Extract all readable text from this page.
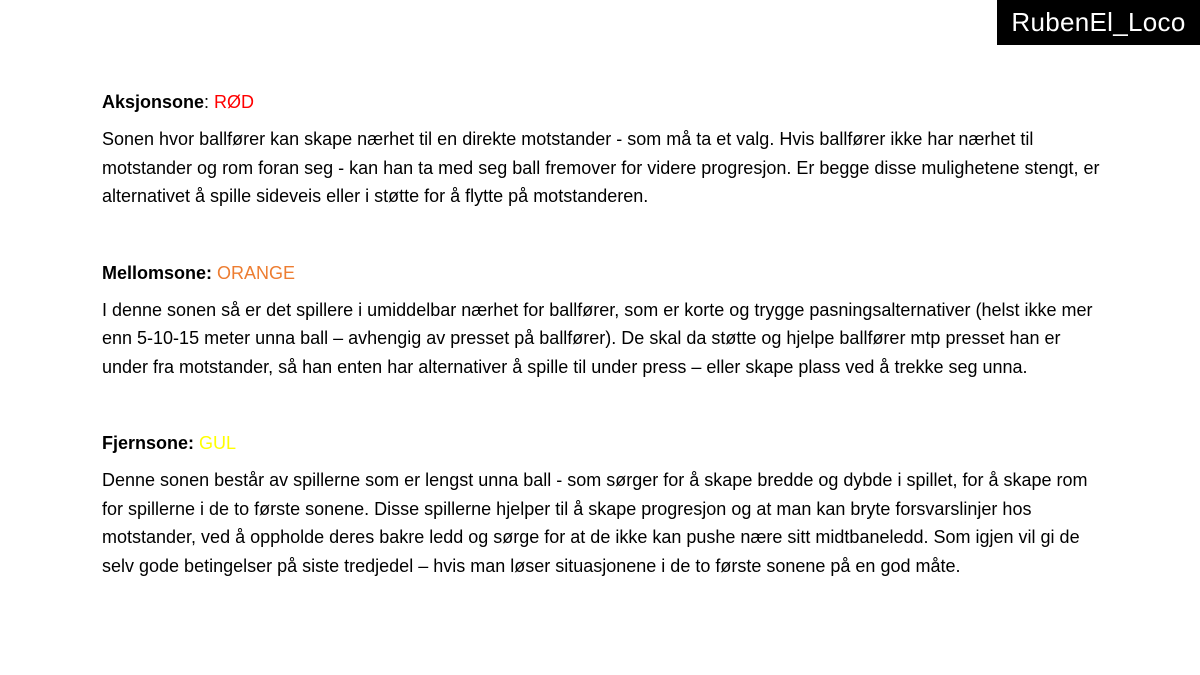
RubenEl_Loco

Aksjonsone: RØD

Sonen hvor ballfører kan skape nærhet til en direkte motstander - som må ta et valg. Hvis ballfører ikke har nærhet til motstander og rom foran seg - kan han ta med seg ball fremover for videre progresjon. Er begge disse mulighetene stengt, er alternativet å spille sideveis eller i støtte for å flytte på motstanderen.

Mellomsone: ORANGE

I denne sonen så er det spillere i umiddelbar nærhet for ballfører, som er korte og trygge pasningsalternativer (helst ikke mer enn 5-10-15 meter unna ball – avhengig av presset på ballfører). De skal da støtte og hjelpe ballfører mtp presset han er under fra motstander, så han enten har alternativer å spille til under press – eller skape plass ved å trekke seg unna.

Fjernsone: GUL

Denne sonen består av spillerne som er lengst unna ball - som sørger for å skape bredde og dybde i spillet, for å skape rom for spillerne i de to første sonene. Disse spillerne hjelper til å skape progresjon og at man kan bryte forsvarslinjer hos motstander, ved å oppholde deres bakre ledd og sørge for at de ikke kan pushe nære sitt midtbaneledd. Som igjen vil gi de selv gode betingelser på siste tredjedel – hvis man løser situasjonene i de to første sonene på en god måte.
